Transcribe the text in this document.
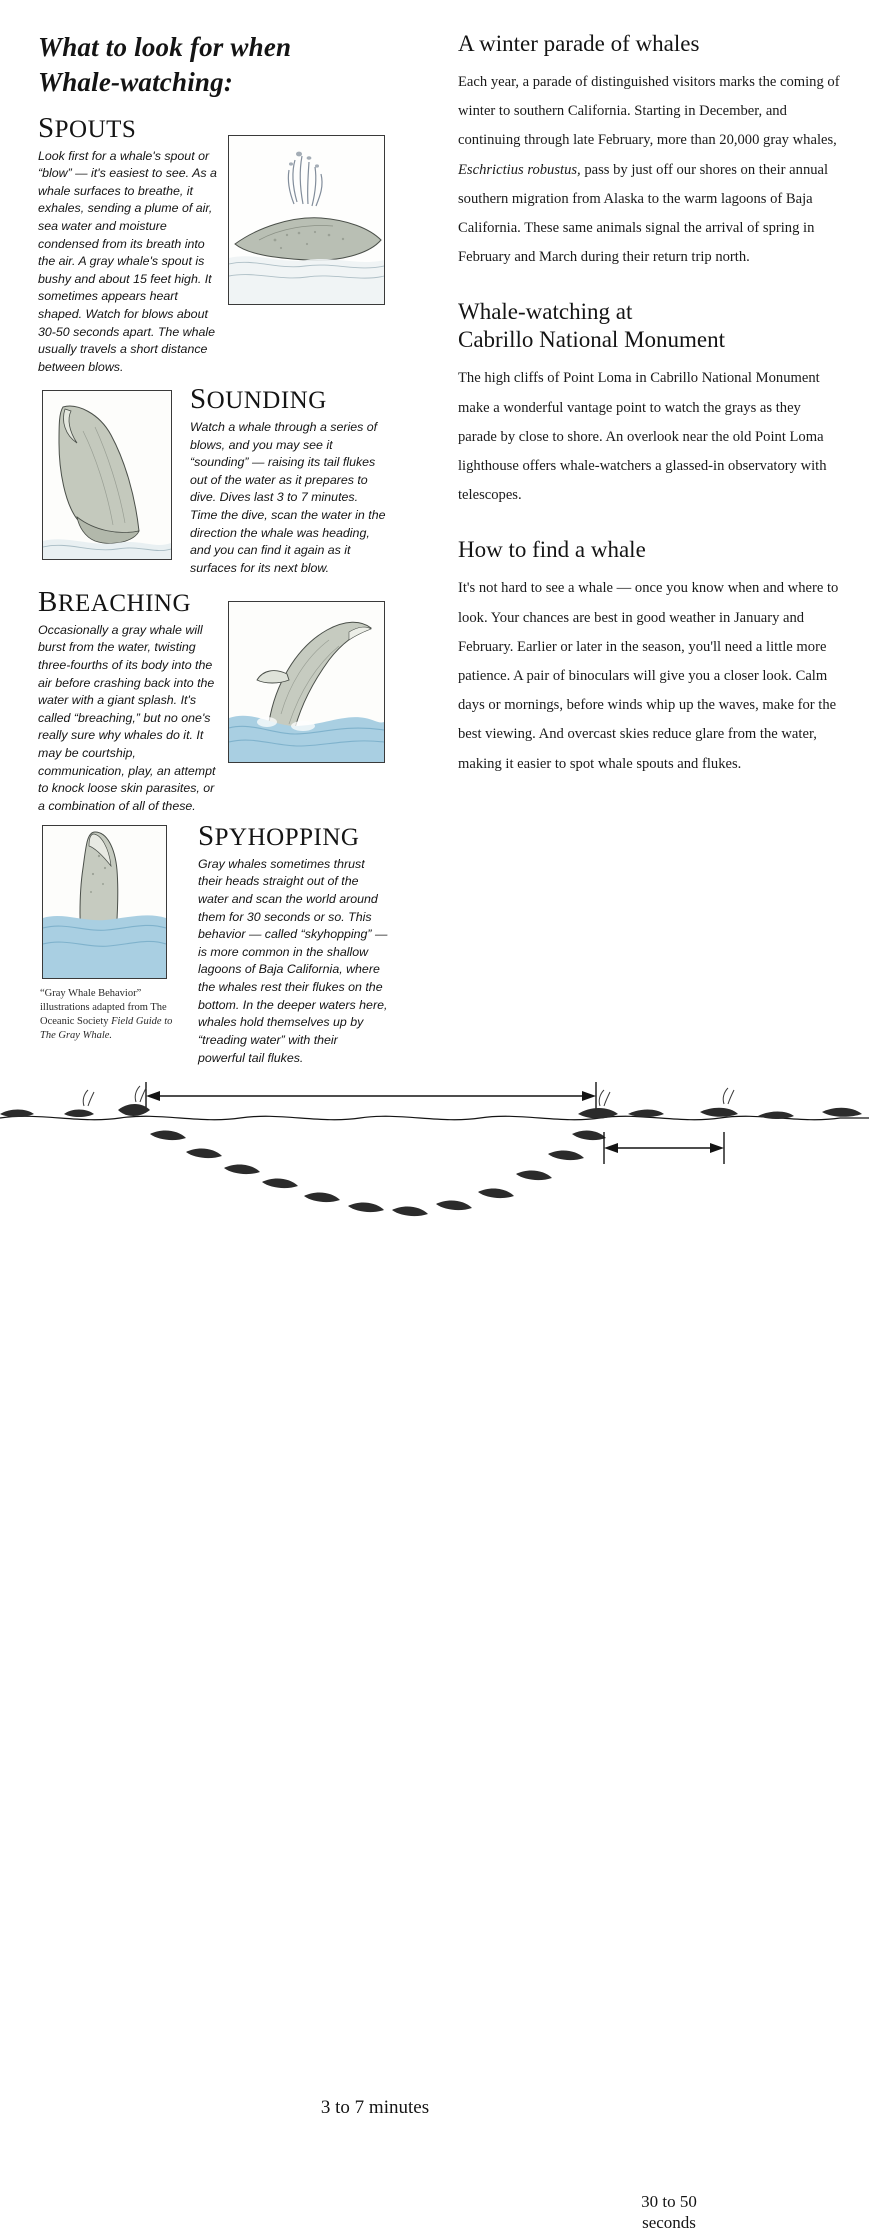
What to look for when
Whale-watching:
SPOUTS
Look first for a whale's spout or “blow” — it's easiest to see. As a whale surfaces to breathe, it exhales, sending a plume of air, sea water and moisture condensed from its breath into the air. A gray whale's spout is bushy and about 15 feet high. It sometimes appears heart shaped. Watch for blows about 30-50 seconds apart. The whale usually travels a short distance between blows.
SOUNDING
Watch a whale through a series of blows, and you may see it “sounding” — raising its tail flukes out of the water as it prepares to dive. Dives last 3 to 7 minutes. Time the dive, scan the water in the direction the whale was heading, and you can find it again as it surfaces for its next blow.
BREACHING
Occasionally a gray whale will burst from the water, twisting three-fourths of its body into the air before crashing back into the water with a giant splash. It's called “breaching,” but no one's really sure why whales do it. It may be courtship, communication, play, an attempt to knock loose skin parasites, or a combination of all of these.
SPYHOPPING
Gray whales sometimes thrust their heads straight out of the water and scan the world around them for 30 seconds or so. This behavior — called “skyhopping” — is more common in the shallow lagoons of Baja California, where the whales rest their flukes on the bottom. In the deeper waters here, whales hold themselves up by “treading water” with their powerful tail flukes.
“Gray Whale Behavior” illustrations adapted from The Oceanic Society Field Guide to The Gray Whale.
A winter parade of whales

Each year, a parade of distinguished visitors marks the coming of winter to southern California. Starting in December, and continuing through late February, more than 20,000 gray whales, Eschrictius robustus, pass by just off our shores on their annual southern migration from Alaska to the warm lagoons of Baja California. These same animals signal the arrival of spring in February and March during their return trip north.

Whale-watching at
Cabrillo National Monument

The high cliffs of Point Loma in Cabrillo National Monument make a wonderful vantage point to watch the grays as they parade by close to shore. An overlook near the old Point Loma lighthouse offers whale-watchers a glassed-in observatory with telescopes.

How to find a whale

It's not hard to see a whale — once you know when and where to look. Your chances are best in good weather in January and February. Earlier or later in the season, you'll need a little more patience. A pair of binoculars will give you a closer look. Calm days or mornings, before winds whip up the waves, make for the best viewing. And overcast skies reduce glare from the water, making it easier to spot whale spouts and flukes.

3 to 7 minutes
30 to 50
seconds
